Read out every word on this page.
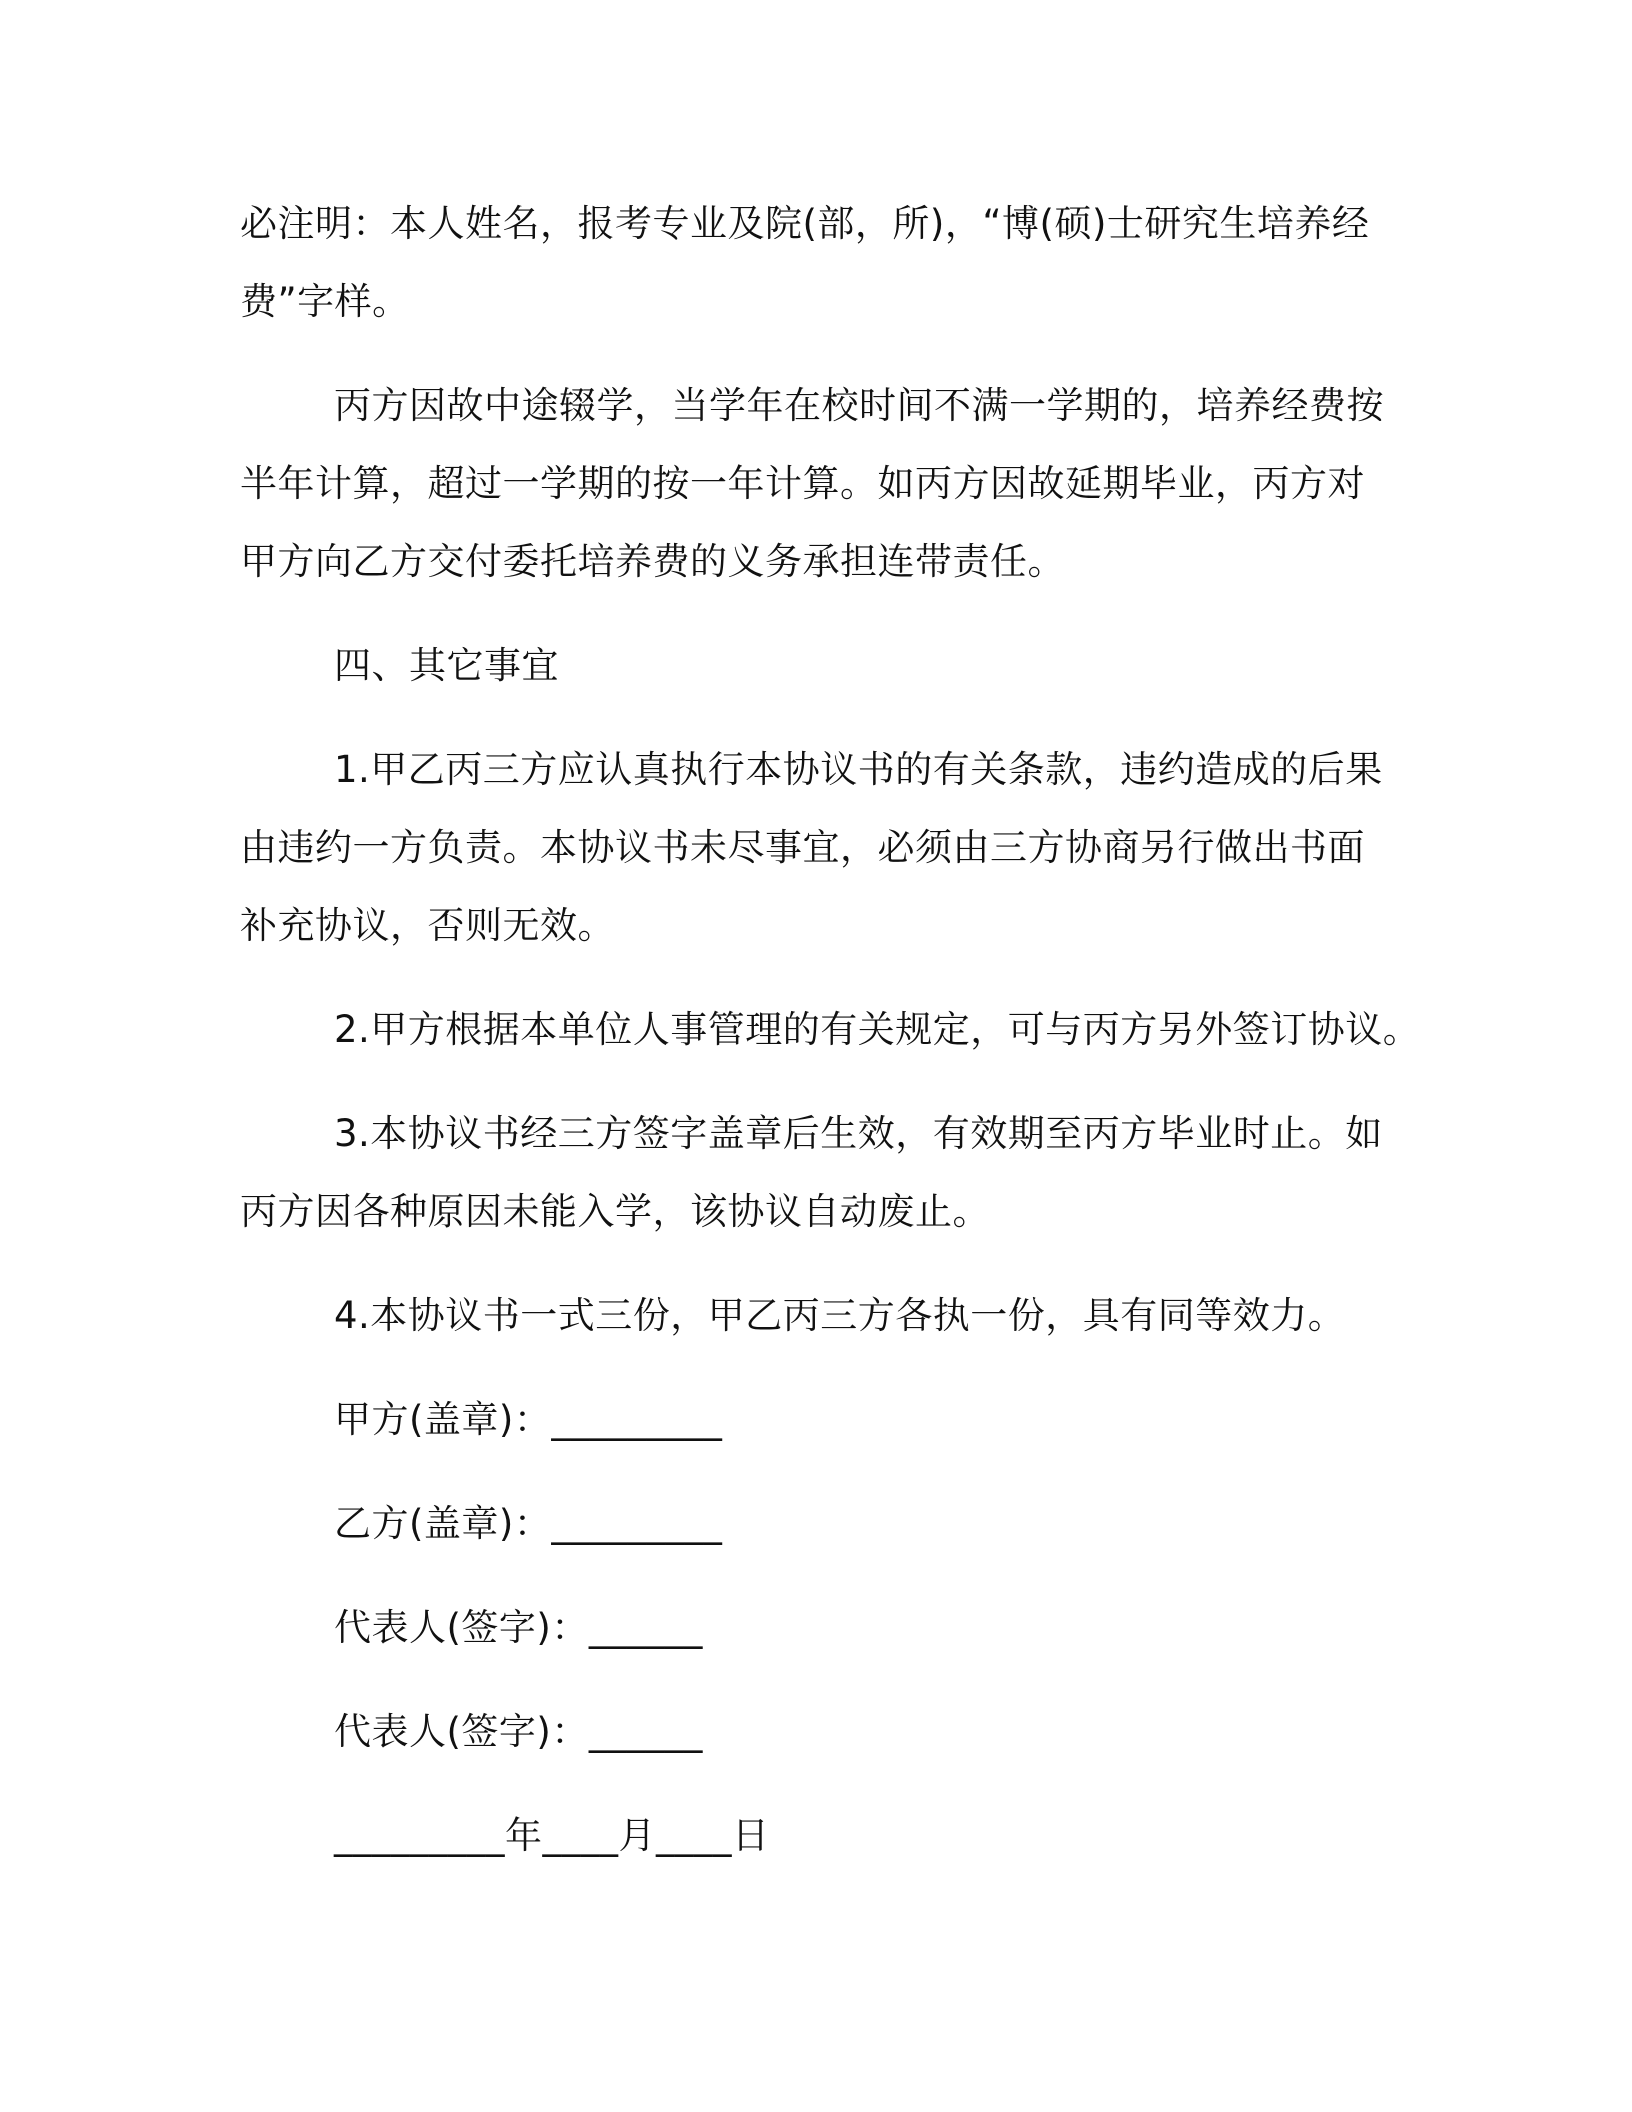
必注明：本人姓名，报考专业及院(部，所)，“博(硕)士研究生培养经

费”字样。

丙方因故中途辍学，当学年在校时间不满一学期的，培养经费按

半年计算，超过一学期的按一年计算。如丙方因故延期毕业，丙方对

甲方向乙方交付委托培养费的义务承担连带责任。

四、其它事宜

1.甲乙丙三方应认真执行本协议书的有关条款，违约造成的后果

由违约一方负责。本协议书未尽事宜，必须由三方协商另行做出书面

补充协议，否则无效。

2.甲方根据本单位人事管理的有关规定，可与丙方另外签订协议。

3.本协议书经三方签字盖章后生效，有效期至丙方毕业时止。如

丙方因各种原因未能入学，该协议自动废止。

4.本协议书一式三份，甲乙丙三方各执一份，具有同等效力。

甲方(盖章)：_________

乙方(盖章)：_________

代表人(签字)：______

代表人(签字)：______

_________年____月____日
